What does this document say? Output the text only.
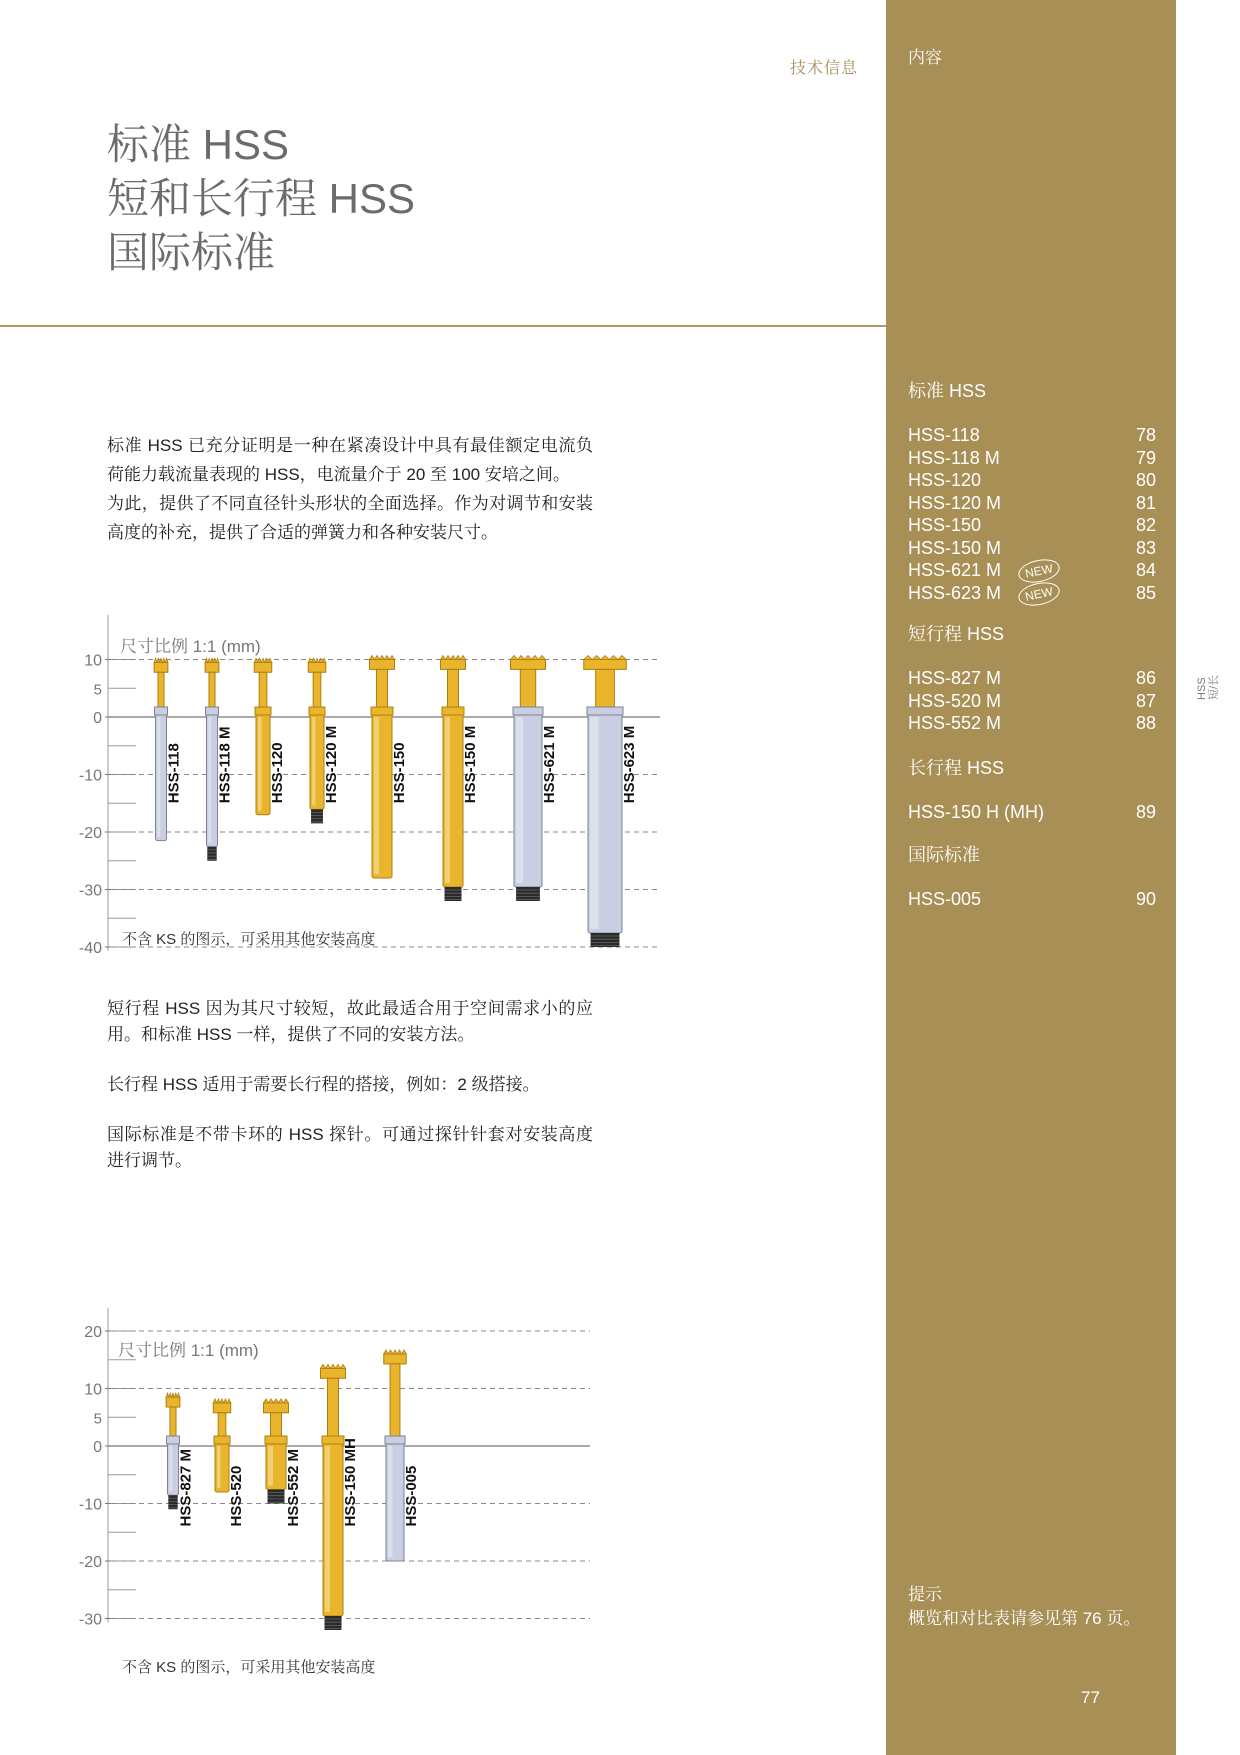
技术信息
标准 HSS
短和长行程 HSS
国际标准

标准 HSS 已充分证明是一种在紧凑设计中具有最佳额定电流负荷能力载流量表现的 HSS，电流量介于 20 至 100 安培之间。

为此，提供了不同直径针头形状的全面选择。作为对调节和安装高度的补充，提供了合适的弹簧力和各种安装尺寸。

10
5
0
-10
-20
-30
-40
HSS-118 HSS-118 M HSS-120 HSS-120 M	HSS-150	HSS-150 M	HSS-621 M	HSS-623 M
尺寸比例 1:1 (mm)
不含 KS 的图示，可采用其他安装高度

短行程 HSS 因为其尺寸较短，故此最适合用于空间需求小的应用。和标准 HSS 一样，提供了不同的安装方法。

长行程 HSS 适用于需要长行程的搭接，例如：2 级搭接。

国际标准是不带卡环的 HSS 探针。可通过探针针套对安装高度进行调节。

20
10
5
0
-10
-20
-30
HSS-827 M HSS-520	HSS-552 M	HSS-150 MH	HSS-005
尺寸比例 1:1 (mm)
不含 KS 的图示，可采用其他安装高度
内容
标准 HSS
HSS-118	78
HSS-118 M	79
HSS-120	80
HSS-120 M	81
HSS-150	82
HSS-150 M	83
HSS-621 M	NEW	84
HSS-623 M	NEW	85
短行程 HSS
HSS-827 M	86
HSS-520 M	87
HSS-552 M	88
长行程 HSS
HSS-150 H (MH)	89
国际标准
HSS-005	90
提示
概览和对比表请参见第 76 页。
77
HSS 短/长
